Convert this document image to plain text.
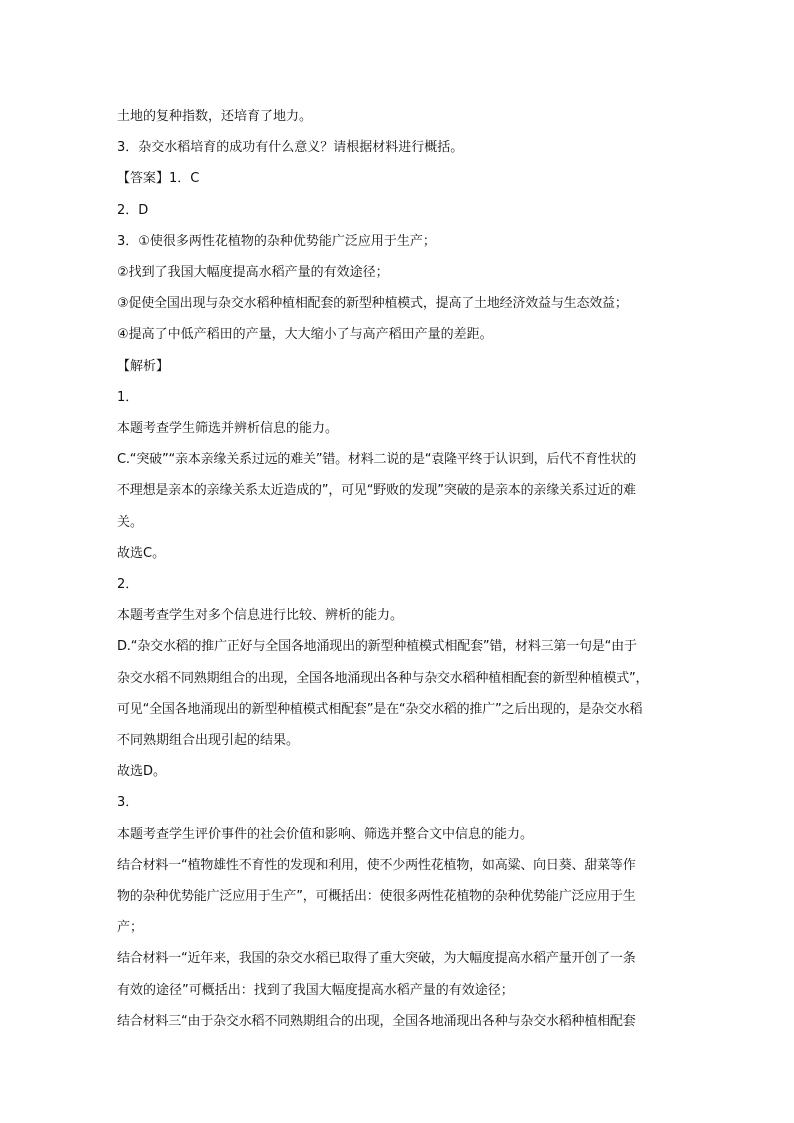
土地的复种指数，还培育了地力。
3．杂交水稻培育的成功有什么意义？请根据材料进行概括。
【答案】1．C
2．D
3．①使很多两性花植物的杂种优势能广泛应用于生产；
②找到了我国大幅度提高水稻产量的有效途径；
③促使全国出现与杂交水稻种植相配套的新型种植模式，提高了土地经济效益与生态效益；
④提高了中低产稻田的产量，大大缩小了与高产稻田产量的差距。
【解析】
1．
本题考查学生筛选并辨析信息的能力。
C.“突破”“亲本亲缘关系过远的难关”错。材料二说的是“袁隆平终于认识到，后代不育性状的
不理想是亲本的亲缘关系太近造成的”，可见“野败的发现”突破的是亲本的亲缘关系过近的难
关。
故选C。
2．
本题考查学生对多个信息进行比较、辨析的能力。
D.“杂交水稻的推广正好与全国各地涌现出的新型种植模式相配套”错，材料三第一句是“由于
杂交水稻不同熟期组合的出现，全国各地涌现出各种与杂交水稻种植相配套的新型种植模式”，
可见“全国各地涌现出的新型种植模式相配套”是在“杂交水稻的推广”之后出现的，是杂交水稻
不同熟期组合出现引起的结果。
故选D。
3．
本题考查学生评价事件的社会价值和影响、筛选并整合文中信息的能力。
结合材料一“植物雄性不育性的发现和利用，使不少两性花植物，如高粱、向日葵、甜菜等作
物的杂种优势能广泛应用于生产”，可概括出：使很多两性花植物的杂种优势能广泛应用于生
产；
结合材料一“近年来，我国的杂交水稻已取得了重大突破，为大幅度提高水稻产量开创了一条
有效的途径”可概括出：找到了我国大幅度提高水稻产量的有效途径；
结合材料三“由于杂交水稻不同熟期组合的出现，全国各地涌现出各种与杂交水稻种植相配套
